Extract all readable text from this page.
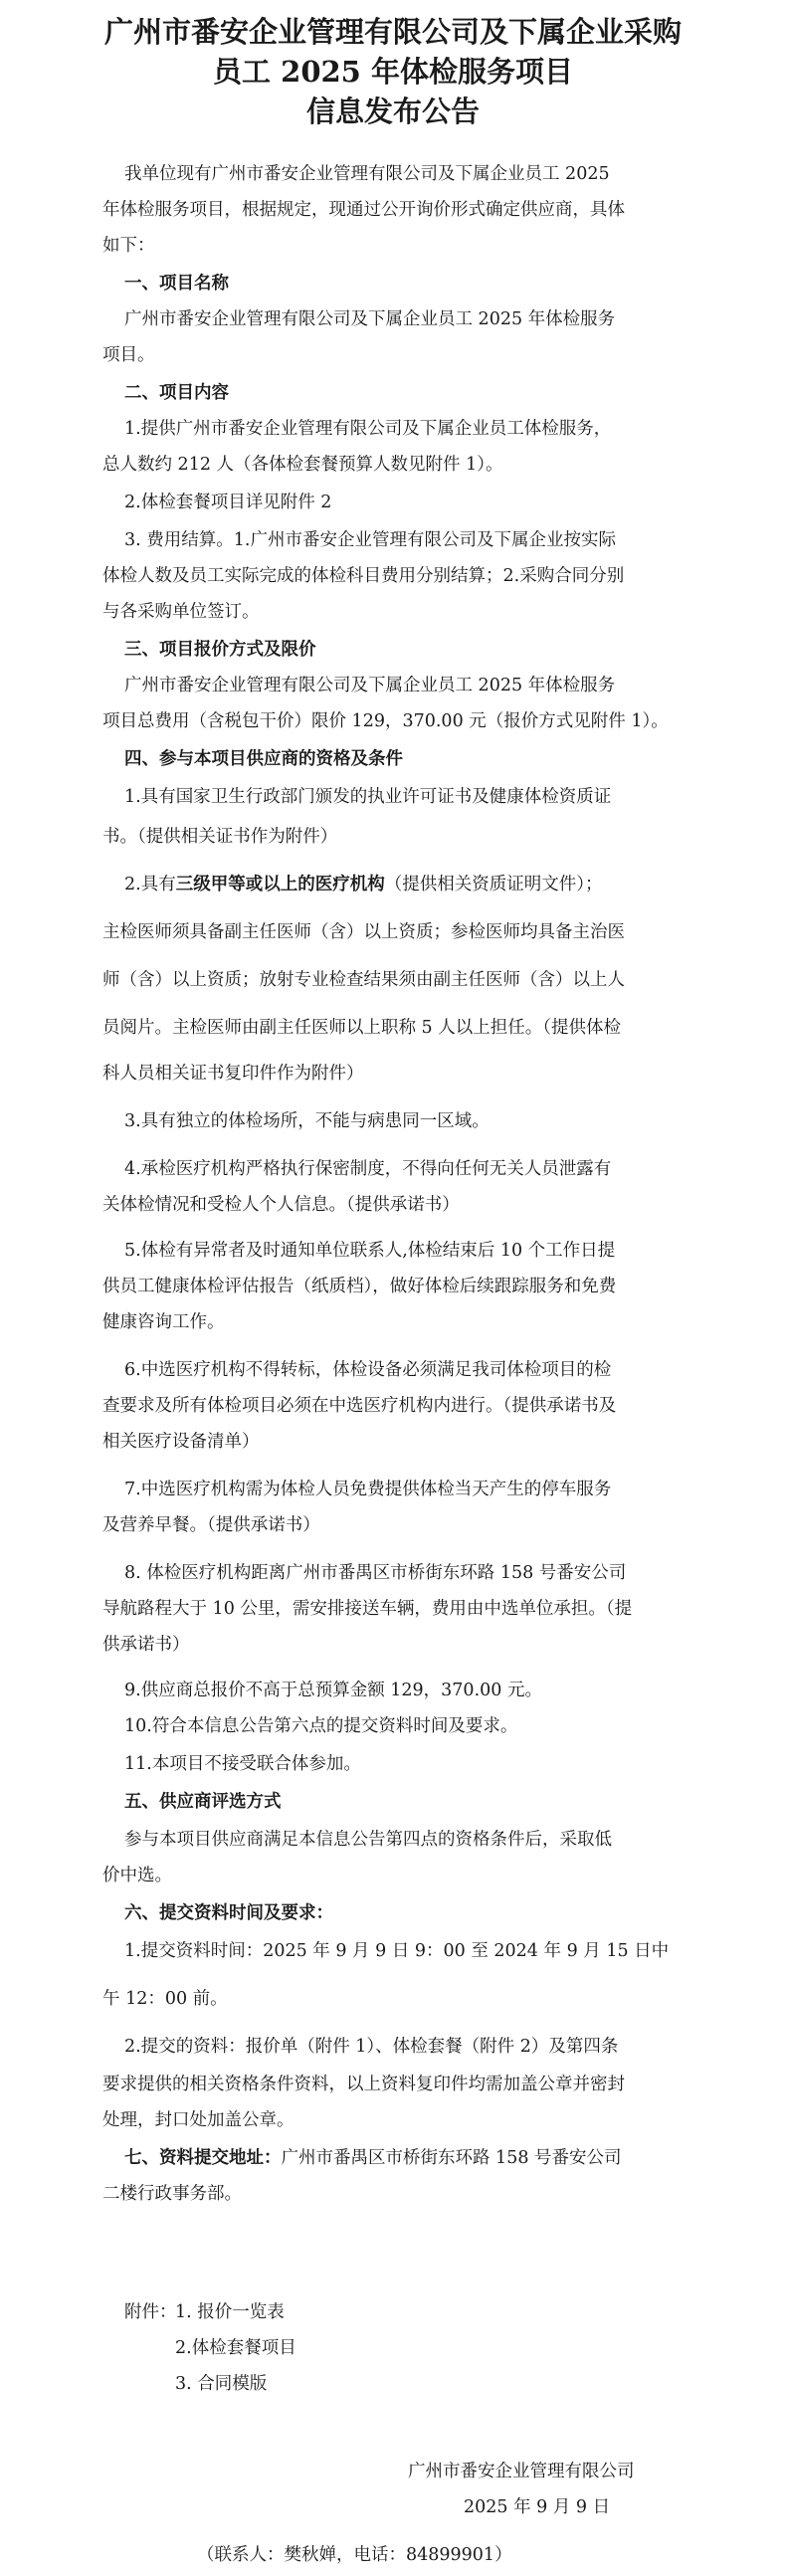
广州市番安企业管理有限公司及下属企业采购
员工 2025 年体检服务项目
信息发布公告
我单位现有广州市番安企业管理有限公司及下属企业员工 2025
年体检服务项目，根据规定，现通过公开询价形式确定供应商，具体
如下：
一、项目名称
广州市番安企业管理有限公司及下属企业员工 2025 年体检服务
项目。
二、项目内容
1.提供广州市番安企业管理有限公司及下属企业员工体检服务，
总人数约 212 人（各体检套餐预算人数见附件 1）。
2.体检套餐项目详见附件 2
3. 费用结算。1.广州市番安企业管理有限公司及下属企业按实际
体检人数及员工实际完成的体检科目费用分别结算；2.采购合同分别
与各采购单位签订。
三、项目报价方式及限价
广州市番安企业管理有限公司及下属企业员工 2025 年体检服务
项目总费用（含税包干价）限价 129，370.00 元（报价方式见附件 1）。
四、参与本项目供应商的资格及条件
1.具有国家卫生行政部门颁发的执业许可证书及健康体检资质证
书。（提供相关证书作为附件）
主检医师须具备副主任医师（含）以上资质；参检医师均具备主治医
师（含）以上资质；放射专业检查结果须由副主任医师（含）以上人
员阅片。主检医师由副主任医师以上职称 5 人以上担任。（提供体检
科人员相关证书复印件作为附件）
3.具有独立的体检场所，不能与病患同一区域。
4.承检医疗机构严格执行保密制度，不得向任何无关人员泄露有
关体检情况和受检人个人信息。（提供承诺书）
5.体检有异常者及时通知单位联系人,体检结束后 10 个工作日提
供员工健康体检评估报告（纸质档），做好体检后续跟踪服务和免费
健康咨询工作。
6.中选医疗机构不得转标，体检设备必须满足我司体检项目的检
查要求及所有体检项目必须在中选医疗机构内进行。（提供承诺书及
相关医疗设备清单）
7.中选医疗机构需为体检人员免费提供体检当天产生的停车服务
及营养早餐。（提供承诺书）
8. 体检医疗机构距离广州市番禺区市桥街东环路 158 号番安公司
导航路程大于 10 公里，需安排接送车辆，费用由中选单位承担。（提
供承诺书）
9.供应商总报价不高于总预算金额 129，370.00 元。
10.符合本信息公告第六点的提交资料时间及要求。
11.本项目不接受联合体参加。
五、供应商评选方式
参与本项目供应商满足本信息公告第四点的资格条件后，采取低
价中选。
六、提交资料时间及要求：
1.提交资料时间：2025 年 9 月 9 日 9：00 至 2024 年 9 月 15 日中
午 12：00 前。
2.提交的资料：报价单（附件 1）、体检套餐（附件 2）及第四条
要求提供的相关资格条件资料，以上资料复印件均需加盖公章并密封
处理，封口处加盖公章。
2.具有三级甲等或以上的医疗机构（提供相关资质证明文件）；
七、资料提交地址：广州市番禺区市桥街东环路 158 号番安公司
二楼行政事务部。
附件：
1. 报价一览表
2.体检套餐项目
3. 合同模版
广州市番安企业管理有限公司
2025 年 9 月 9 日
（联系人：樊秋婵，电话：84899901）
